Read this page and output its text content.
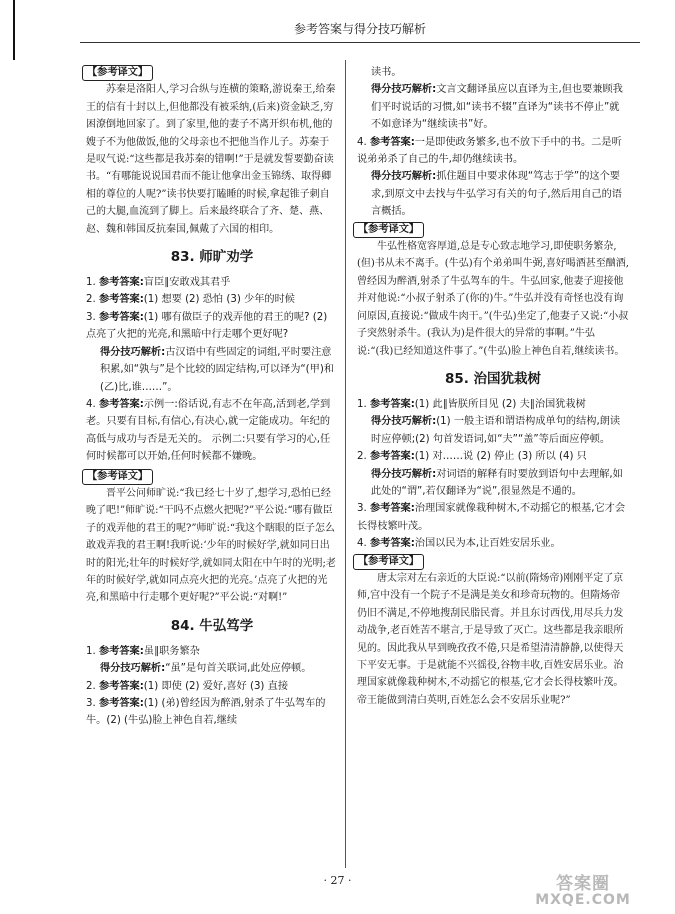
参考答案与得分技巧解析

【参考译文】

苏秦是洛阳人,学习合纵与连横的策略,游说秦王,给秦王的信有十封以上,但他都没有被采纳,(后来)资金缺乏,穷困潦倒地回家了。到了家里,他的妻子不离开织布机,他的嫂子不为他做饭,他的父母亲也不把他当作儿子。苏秦于是叹气说:“这些都是我苏秦的错啊!”于是就发誓要勤奋读书。“有哪能说说国君而不能让他拿出金玉锦绣、取得卿相的尊位的人呢?”读书快要打瞌睡的时候,拿起锥子刺自己的大腿,血流到了脚上。后来最终联合了齐、楚、燕、赵、魏和韩国反抗秦国,佩戴了六国的相印。

83. 师旷劝学

1. 参考答案:盲臣∥安敢戏其君乎

2. 参考答案:(1) 想要 (2) 恐怕 (3) 少年的时候

3. 参考答案:(1) 哪有做臣子的戏弄他的君王的呢? (2) 点亮了火把的光亮,和黑暗中行走哪个更好呢?

得分技巧解析:古汉语中有些固定的词组,平时要注意积累,如“孰与”是个比较的固定结构,可以译为“(甲)和(乙)比,谁……”。

4. 参考答案:示例一:俗话说,有志不在年高,活到老,学到老。只要有目标,有信心,有决心,就一定能成功。年纪的高低与成功与否是无关的。 示例二:只要有学习的心,任何时候都可以开始,任何时候都不嫌晚。

【参考译文】

晋平公问师旷说:“我已经七十岁了,想学习,恐怕已经晚了吧!”师旷说:“干吗不点燃火把呢?”平公说:“哪有做臣子的戏弄他的君王的呢?”师旷说:“我这个瞎眼的臣子怎么敢戏弄我的君王啊!我听说:‘少年的时候好学,就如同日出时的阳光;壮年的时候好学,就如同太阳在中午时的光明;老年的时候好学,就如同点亮火把的光亮。’点亮了火把的光亮,和黑暗中行走哪个更好呢?”平公说:“对啊!”

84. 牛弘笃学

1. 参考答案:虽∥职务繁杂

得分技巧解析:“虽”是句首关联词,此处应停顿。

2. 参考答案:(1) 即使 (2) 爱好,喜好 (3) 直接

3. 参考答案:(1) (弟)曾经因为醉酒,射杀了牛弘驾车的牛。(2) (牛弘)脸上神色自若,继续

读书。

得分技巧解析:文言文翻译虽应以直译为主,但也要兼顾我们平时说话的习惯,如“读书不辍”直译为“读书不停止”就不如意译为“继续读书”好。

4. 参考答案:一是即使政务繁多,也不放下手中的书。二是听说弟弟杀了自己的牛,却仍继续读书。

得分技巧解析:抓住题目中要求体现“笃志于学”的这个要求,到原文中去找与牛弘学习有关的句子,然后用自己的语言概括。

【参考译文】

牛弘性格宽容厚道,总是专心致志地学习,即使职务繁杂,(但)书从未不离手。(牛弘)有个弟弟叫牛弼,喜好喝酒甚至酗酒,曾经因为醉酒,射杀了牛弘驾车的牛。牛弘回家,他妻子迎接他并对他说:“小叔子射杀了(你的)牛。”牛弘并没有奇怪也没有询问原因,直接说:“做成牛肉干。”(牛弘)坐定了,他妻子又说:“小叔子突然射杀牛。(我认为)是件很大的异常的事啊。”牛弘说:“(我)已经知道这件事了。”(牛弘)脸上神色自若,继续读书。

85. 治国犹栽树

1. 参考答案:(1) 此∥皆朕所目见 (2) 夫∥治国犹栽树

得分技巧解析:(1) 一般主语和谓语构成单句的结构,朗读时应停顿;(2) 句首发语词,如“夫”“盖”等后面应停顿。

2. 参考答案:(1) 对……说 (2) 停止 (3) 所以 (4) 只

得分技巧解析:对词语的解释有时要放到语句中去理解,如此处的“谓”,若仅翻译为“说”,很显然是不通的。

3. 参考答案:治理国家就像栽种树木,不动摇它的根基,它才会长得枝繁叶茂。

4. 参考答案:治国以民为本,让百姓安居乐业。

【参考译文】

唐太宗对左右亲近的大臣说:“以前(隋炀帝)刚刚平定了京师,宫中没有一个院子不是满是美女和珍奇玩物的。但隋炀帝仍旧不满足,不停地搜刮民脂民膏。并且东讨西伐,用尽兵力发动战争,老百姓苦不堪言,于是导致了灭亡。这些都是我亲眼所见的。因此我从早到晚孜孜不倦,只是希望清清静静,以使得天下平安无事。于是就能不兴徭役,谷物丰收,百姓安居乐业。治理国家就像栽种树木,不动摇它的根基,它才会长得枝繁叶茂。帝王能做到清白英明,百姓怎么会不安居乐业呢?”

· 27 ·	答案圈
MXQE.COM
